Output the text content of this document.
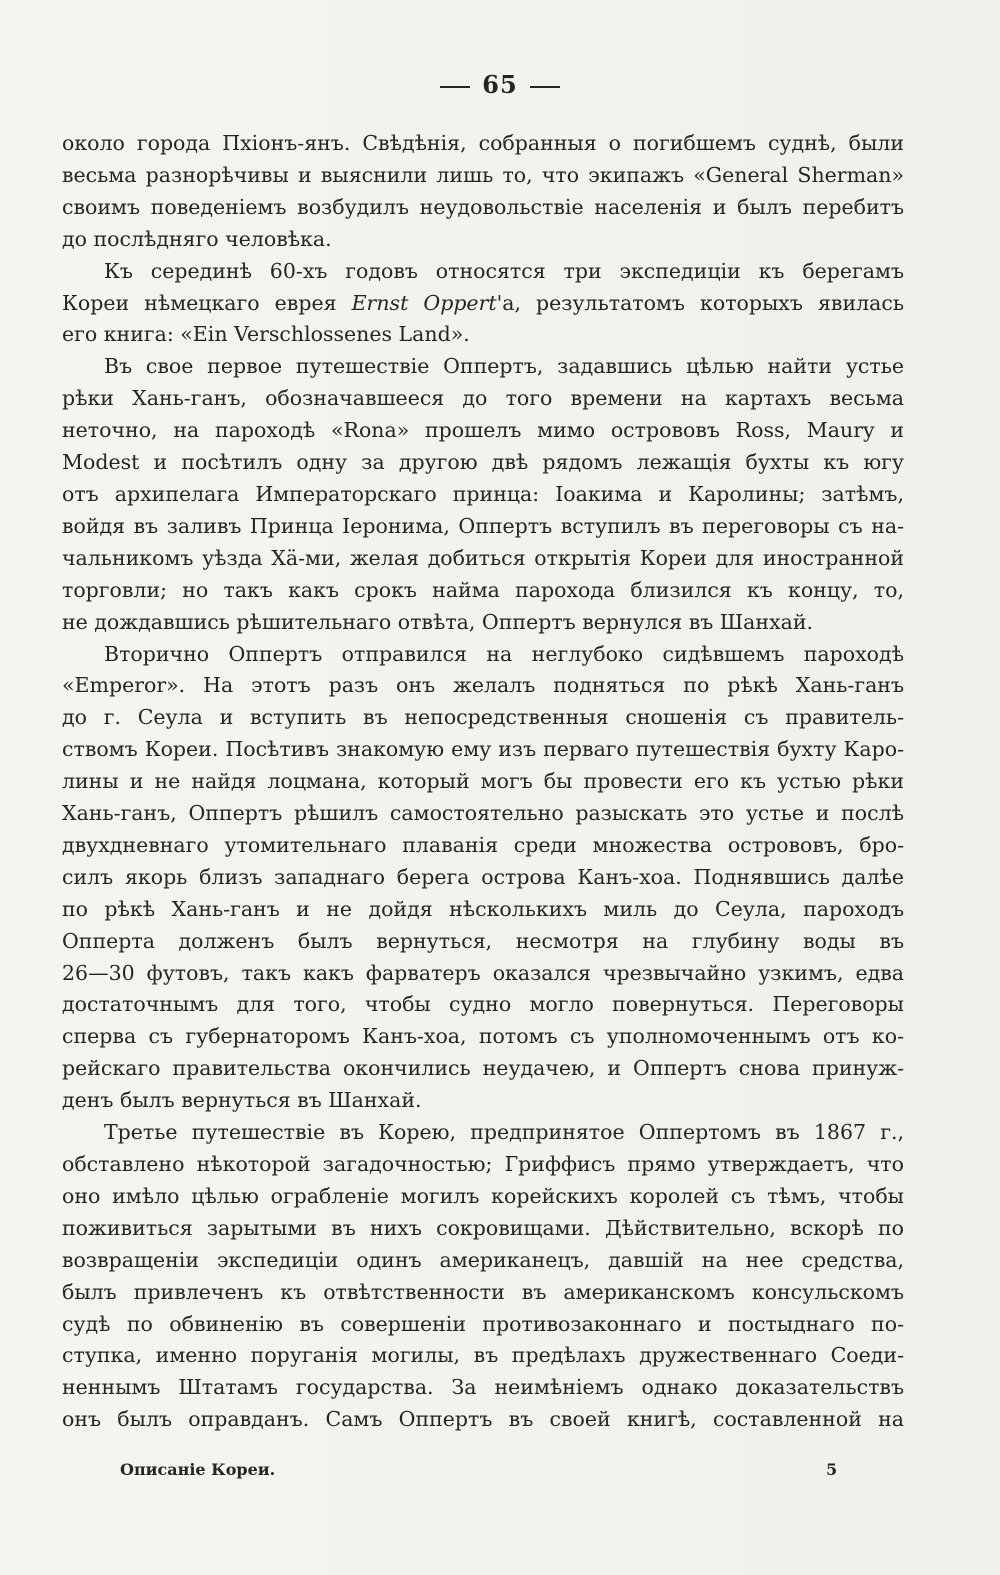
65
около города Пхiонъ-янъ. Свѣдѣнiя, собранныя о погибшемъ суднѣ, были
весьма разнорѣчивы и выяснили лишь то, что экипажъ «General Sherman»
своимъ поведенiемъ возбудилъ неудовольствiе населенiя и былъ перебитъ
до послѣдняго человѣка.
Къ серединѣ 60-хъ годовъ относятся три экспедицiи къ берегамъ
Кореи нѣмецкаго еврея Ernst Oppert'а, результатомъ которыхъ явилась
его книга: «Ein Verschlossenes Land».
Въ свое первое путешествiе Оппертъ, задавшись цѣлью найти устье
рѣки Хань-ганъ, обозначавшееся до того времени на картахъ весьма
неточно, на пароходѣ «Rona» прошелъ мимо острововъ Ross, Maury и
Modest и посѣтилъ одну за другою двѣ рядомъ лежащiя бухты къ югу
отъ архипелага Императорскаго принца: Iоакима и Каролины; затѣмъ,
войдя въ заливъ Принца Iеронима, Оппертъ вступилъ въ переговоры съ на-
чальникомъ уѣзда Хä-ми, желая добиться открытiя Кореи для иностранной
торговли; но такъ какъ срокъ найма парохода близился къ концу, то,
не дождавшись рѣшительнаго отвѣта, Оппертъ вернулся въ Шанхай.
Вторично Оппертъ отправился на неглубоко сидѣвшемъ пароходѣ
«Emperor». На этотъ разъ онъ желалъ подняться по рѣкѣ Хань-ганъ
до г. Сеула и вступить въ непосредственныя сношенiя съ правитель-
ствомъ Кореи. Посѣтивъ знакомую ему изъ перваго путешествiя бухту Каро-
лины и не найдя лоцмана, который могъ бы провести его къ устью рѣки
Хань-ганъ, Оппертъ рѣшилъ самостоятельно разыскать это устье и послѣ
двухдневнаго утомительнаго плаванiя среди множества острововъ, бро-
силъ якорь близъ западнаго берега острова Канъ-хоа. Поднявшись далѣе
по рѣкѣ Хань-ганъ и не дойдя нѣсколькихъ миль до Сеула, пароходъ
Опперта долженъ былъ вернуться, несмотря на глубину воды въ
26—30 футовъ, такъ какъ фарватеръ оказался чрезвычайно узкимъ, едва
достаточнымъ для того, чтобы судно могло повернуться. Переговоры
сперва съ губернаторомъ Канъ-хоа, потомъ съ уполномоченнымъ отъ ко-
рейскаго правительства окончились неудачею, и Оппертъ снова принуж-
денъ былъ вернуться въ Шанхай.
Третье путешествiе въ Корею, предпринятое Оппертомъ въ 1867 г.,
обставлено нѣкоторой загадочностью; Гриффисъ прямо утверждаетъ, что
оно имѣло цѣлью ограбленiе могилъ корейскихъ королей съ тѣмъ, чтобы
поживиться зарытыми въ нихъ сокровищами. Дѣйствительно, вскорѣ по
возвращенiи экспедицiи одинъ американецъ, давшiй на нее средства,
былъ привлеченъ къ отвѣтственности въ американскомъ консульскомъ
судѣ по обвиненiю въ совершенiи противозаконнаго и постыднаго по-
ступка, именно поруганiя могилы, въ предѣлахъ дружественнаго Соеди-
неннымъ Штатамъ государства. За неимѣнiемъ однако доказательствъ
онъ былъ оправданъ. Самъ Оппертъ въ своей книгѣ, составленной на
Описанiе Кореи.	5
